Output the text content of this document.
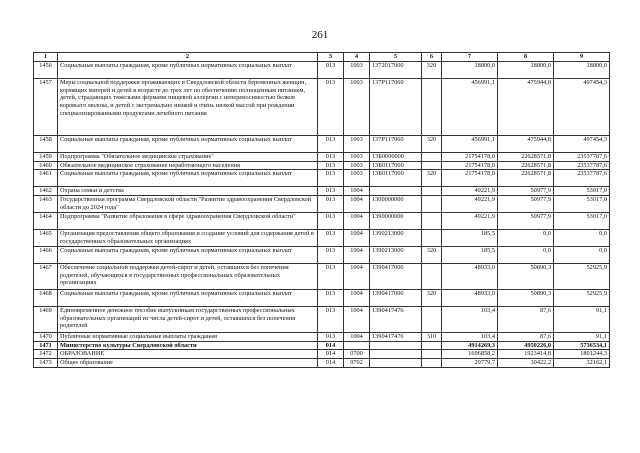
261
1	2	3	4	5	6	7	8	9
1456	Социальные выплаты гражданам, кроме публичных нормативных социальных выплат	013	1003	1372017000	320	18800,0	18800,0	18800,0
1457	Меры социальной поддержки проживающих в Свердловской области беременных женщин, кормящих матерей и детей в возрасте до трех лет по обеспечению полноценным питанием, детей, страдающих тяжелыми формами пищевой аллергии с непереносимостью белков коровьего молока, и детей с экстремально низкой и очень низкой массой при рождении специализированными продуктами лечебного питания	013	1003	137P117060		456991,1	475944,8	497454,3
1458	Социальные выплаты гражданам, кроме публичных нормативных социальных выплат	013	1003	137P117060	320	456991,1	475944,8	497454,3
1459	Подпрограмма "Обязательное медицинское страхование"	013	1003	13Б0000000		21754178,0	22628571,8	23537787,6
1460	Обязательное медицинское страхование неработающего населения	013	1003	13Б0117000		21754178,0	22628571,8	23537787,6
1461	Социальные выплаты гражданам, кроме публичных нормативных социальных выплат	013	1003	13Б0117000	320	21754178,0	22628571,8	23537787,6
1462	Охрана семьи и детства	013	1004			49221,9	50977,9	53017,0
1463	Государственная программа Свердловской области "Развитие здравоохранения Свердловской области до 2024 года"	013	1004	1300000000		49221,9	50977,9	53017,0
1464	Подпрограмма "Развитие образования в сфере здравоохранения Свердловской области"	013	1004	1390000000		49221,9	50977,9	53017,0
1465	Организация предоставления общего образования и создание условий для содержания детей в государственных образовательных организациях	013	1004	1390213000		185,5	0,0	0,0
1466	Социальные выплаты гражданам, кроме публичных нормативных социальных выплат	013	1004	1390213000	320	185,5	0,0	0,0
1467	Обеспечение социальной поддержки детей-сирот и детей, оставшихся без попечения родителей, обучающихся в государственных профессиональных образовательных организациях	013	1004	1390417000		48933,0	50890,3	52925,9
1468	Социальные выплаты гражданам, кроме публичных нормативных социальных выплат	013	1004	1390417000	320	48933,0	50890,3	52925,9
1469	Единовременное денежное пособие выпускникам государственных профессиональных образовательных организаций из числа детей-сирот и детей, оставшихся без попечения родителей	013	1004	1390417476		103,4	87,6	91,1
1470	Публичные нормативные социальные выплаты гражданам	013	1004	1390417476	310	103,4	87,6	91,1
1471	Министерство культуры Свердловской области	014				4914269,3	4950226,0	5736534,1
1472	ОБРАЗОВАНИЕ	014	0700			1696858,2	1923414,8	1801244,3
1473	Общее образование	014	0702			29779,7	30422,2	32162,1
